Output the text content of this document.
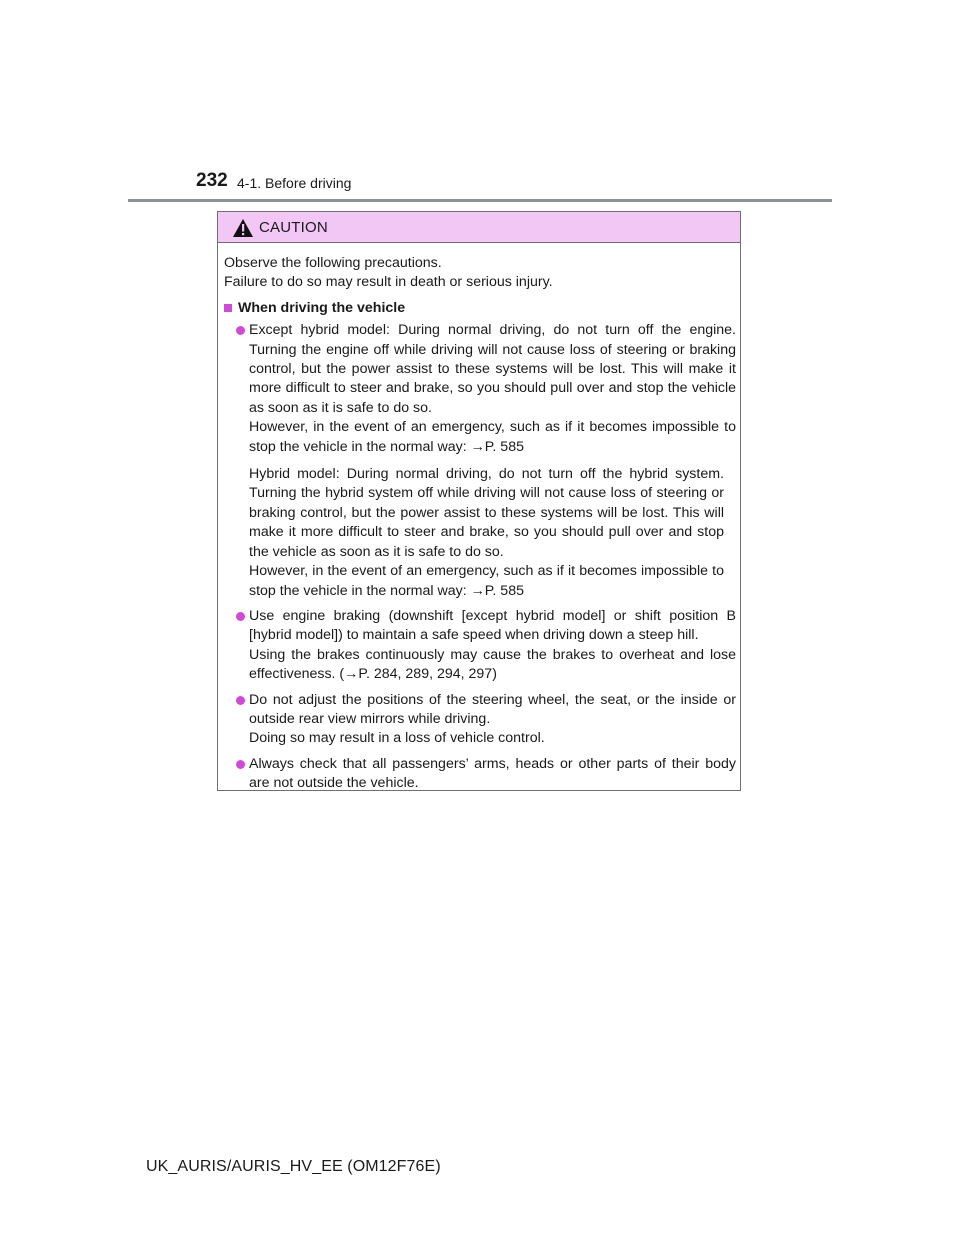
232 4-1. Before driving
CAUTION

Observe the following precautions.

Failure to do so may result in death or serious injury.

When driving the vehicle

Except hybrid model: During normal driving, do not turn off the engine. Turning the engine off while driving will not cause loss of steering or braking control, but the power assist to these systems will be lost. This will make it more difficult to steer and brake, so you should pull over and stop the vehicle as soon as it is safe to do so.

However, in the event of an emergency, such as if it becomes impossible to stop the vehicle in the normal way: →P. 585

Hybrid model: During normal driving, do not turn off the hybrid system. Turning the hybrid system off while driving will not cause loss of steering or braking control, but the power assist to these systems will be lost. This will make it more difficult to steer and brake, so you should pull over and stop the vehicle as soon as it is safe to do so.

However, in the event of an emergency, such as if it becomes impossible to stop the vehicle in the normal way: →P. 585

Use engine braking (downshift [except hybrid model] or shift position B [hybrid model]) to maintain a safe speed when driving down a steep hill.

Using the brakes continuously may cause the brakes to overheat and lose effectiveness. (→P. 284, 289, 294, 297)

Do not adjust the positions of the steering wheel, the seat, or the inside or outside rear view mirrors while driving.

Doing so may result in a loss of vehicle control.

Always check that all passengers’ arms, heads or other parts of their body are not outside the vehicle.

UK_AURIS/AURIS_HV_EE (OM12F76E)
